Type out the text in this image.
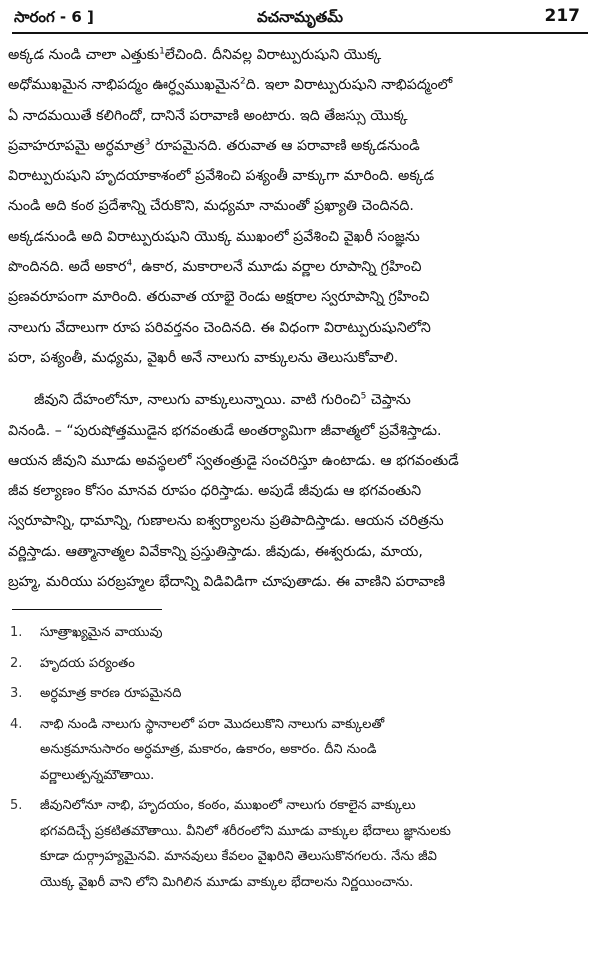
సారంగ - 6 ]	వచనామృతమ్	217

అక్కడ నుండి చాలా ఎత్తుకు$^1$లేచింది. దీనివల్ల విరాట్పురుషుని యొక్క
అధోముఖమైన నాభిపద్మం ఊర్ధ్వముఖమైన$^2$ది. ఇలా విరాట్పురుషుని నాభిపద్మంలో
ఏ నాదమయితే కలిగిందో, దానినే పరావాణి అంటారు. ఇది తేజస్సు యొక్క
ప్రవాహరూపమై అర్ధమాత్ర$^3$ రూపమైనది. తరువాత ఆ పరావాణి అక్కడనుండి
విరాట్పురుషుని హృదయాకాశంలో ప్రవేశించి పశ్యంతీ వాక్కుగా మారింది. అక్కడ
నుండి అది కంఠ ప్రదేశాన్ని చేరుకొని, మధ్యమా నామంతో ప్రఖ్యాతి చెందినది.
అక్కడనుండి అది విరాట్పురుషుని యొక్క ముఖంలో ప్రవేశించి వైఖరీ సంజ్ఞను
పొందినది. అదే అకార$^4$, ఉకార, మకారాలనే మూడు వర్ణాల రూపాన్ని గ్రహించి
ప్రణవరూపంగా మారింది. తరువాత యాభై రెండు అక్షరాల స్వరూపాన్ని గ్రహించి
నాలుగు వేదాలుగా రూప పరివర్తనం చెందినది. ఈ విధంగా విరాట్పురుషునిలోని
పరా, పశ్యంతీ, మధ్యమ, వైఖరీ అనే నాలుగు వాక్కులను తెలుసుకోవాలి.

జీవుని దేహంలోనూ, నాలుగు వాక్కులున్నాయి. వాటి గురించి$^5$ చెప్తాను
వినండి. – “పురుషోత్తముడైన భగవంతుడే అంతర్యామిగా జీవాత్మలో ప్రవేశిస్తాడు.
ఆయన జీవుని మూడు అవస్థలలో స్వతంత్రుడై సంచరిస్తూ ఉంటాడు. ఆ భగవంతుడే
జీవ కల్యాణం కోసం మానవ రూపం ధరిస్తాడు. అపుడే జీవుడు ఆ భగవంతుని
స్వరూపాన్ని, ధామాన్ని, గుణాలను ఐశ్వర్యాలను ప్రతిపాదిస్తాడు. ఆయన చరిత్రను
వర్ణిస్తాడు. ఆత్మానాత్మల వివేకాన్ని ప్రస్తుతిస్తాడు. జీవుడు, ఈశ్వరుడు, మాయ,
బ్రహ్మ, మరియు పరబ్రహ్మల భేదాన్ని విడివిడిగా చూపుతాడు. ఈ వాణిని పరావాణి

1.	సూత్రాఖ్యమైన వాయువు
2.	హృదయ పర్యంతం
3.	అర్ధమాత్ర కారణ రూపమైనది
4.	నాభి నుండి నాలుగు స్థానాలలో పరా మొదలుకొని నాలుగు వాక్కులతో
అనుక్రమానుసారం అర్ధమాత్ర, మకారం, ఉకారం, అకారం. దీని నుండి
వర్ణాలుత్పన్నమౌతాయి.
5.	జీవునిలోనూ నాభి, హృదయం, కంఠం, ముఖంలో నాలుగు రకాలైన వాక్కులు
భగవదిచ్చే ప్రకటితమౌతాయి. వీనిలో శరీరంలోని మూడు వాక్కుల భేదాలు జ్ఞానులకు
కూడా దుర్గ్రాహ్యమైనవి. మానవులు కేవలం వైఖరిని తెలుసుకొనగలరు. నేను జీవి
యొక్క వైఖరీ వాని లోని మిగిలిన మూడు వాక్కుల భేదాలను నిర్ణయించాను.
